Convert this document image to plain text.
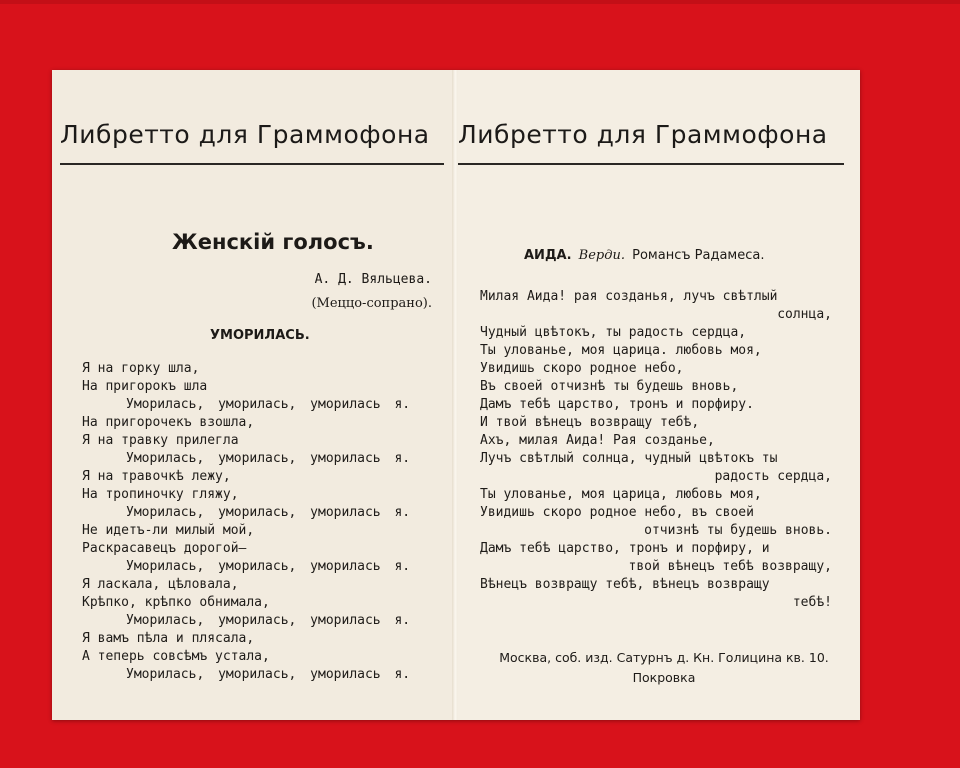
Либретто для Граммофона
Женскій голосъ.
А. Д. Вяльцева.
(Меццо-сопрано).
УМОРИЛАСЬ.
Я на горку шла,
На пригорокъ шла
Уморилась, уморилась, уморилась я.
На пригорочекъ взошла,
Я на травку прилегла
Уморилась, уморилась, уморилась я.
Я на травочкѣ лежу,
На тропиночку гляжу,
Уморилась, уморилась, уморилась я.
Не идетъ-ли милый мой,
Раскрасавецъ дорогой—
Уморилась, уморилась, уморилась я.
Я ласкала, цѣловала,
Крѣпко, крѣпко обнимала,
Уморилась, уморилась, уморилась я.
Я вамъ пѣла и плясала,
А теперь совсѣмъ устала,
Уморилась, уморилась, уморилась я.
Либретто для Граммофона
АИДА. Верди. Романсъ Радамеса.
Милая Аида! рая созданья, лучъ свѣтлый
солнца,
Чудный цвѣтокъ, ты радость сердца,
Ты улованье, моя царица. любовь моя,
Увидишь скоро родное небо,
Въ своей отчизнѣ ты будешь вновь,
Дамъ тебѣ царство, тронъ и порфиру.
И твой вѣнецъ возвращу тебѣ,
Ахъ, милая Аида! Рая созданье,
Лучъ свѣтлый солнца, чудный цвѣтокъ ты
радость сердца,
Ты улованье, моя царица, любовь моя,
Увидишь скоро родное небо, въ своей
отчизнѣ ты будешь вновь.
Дамъ тебѣ царство, тронъ и порфиру, и
твой вѣнецъ тебѣ возвращу,
Вѣнецъ возвращу тебѣ, вѣнецъ возвращу
тебѣ!
Москва, соб. изд. Сатурнъ д. Кн. Голицина кв. 10.
Покровка
